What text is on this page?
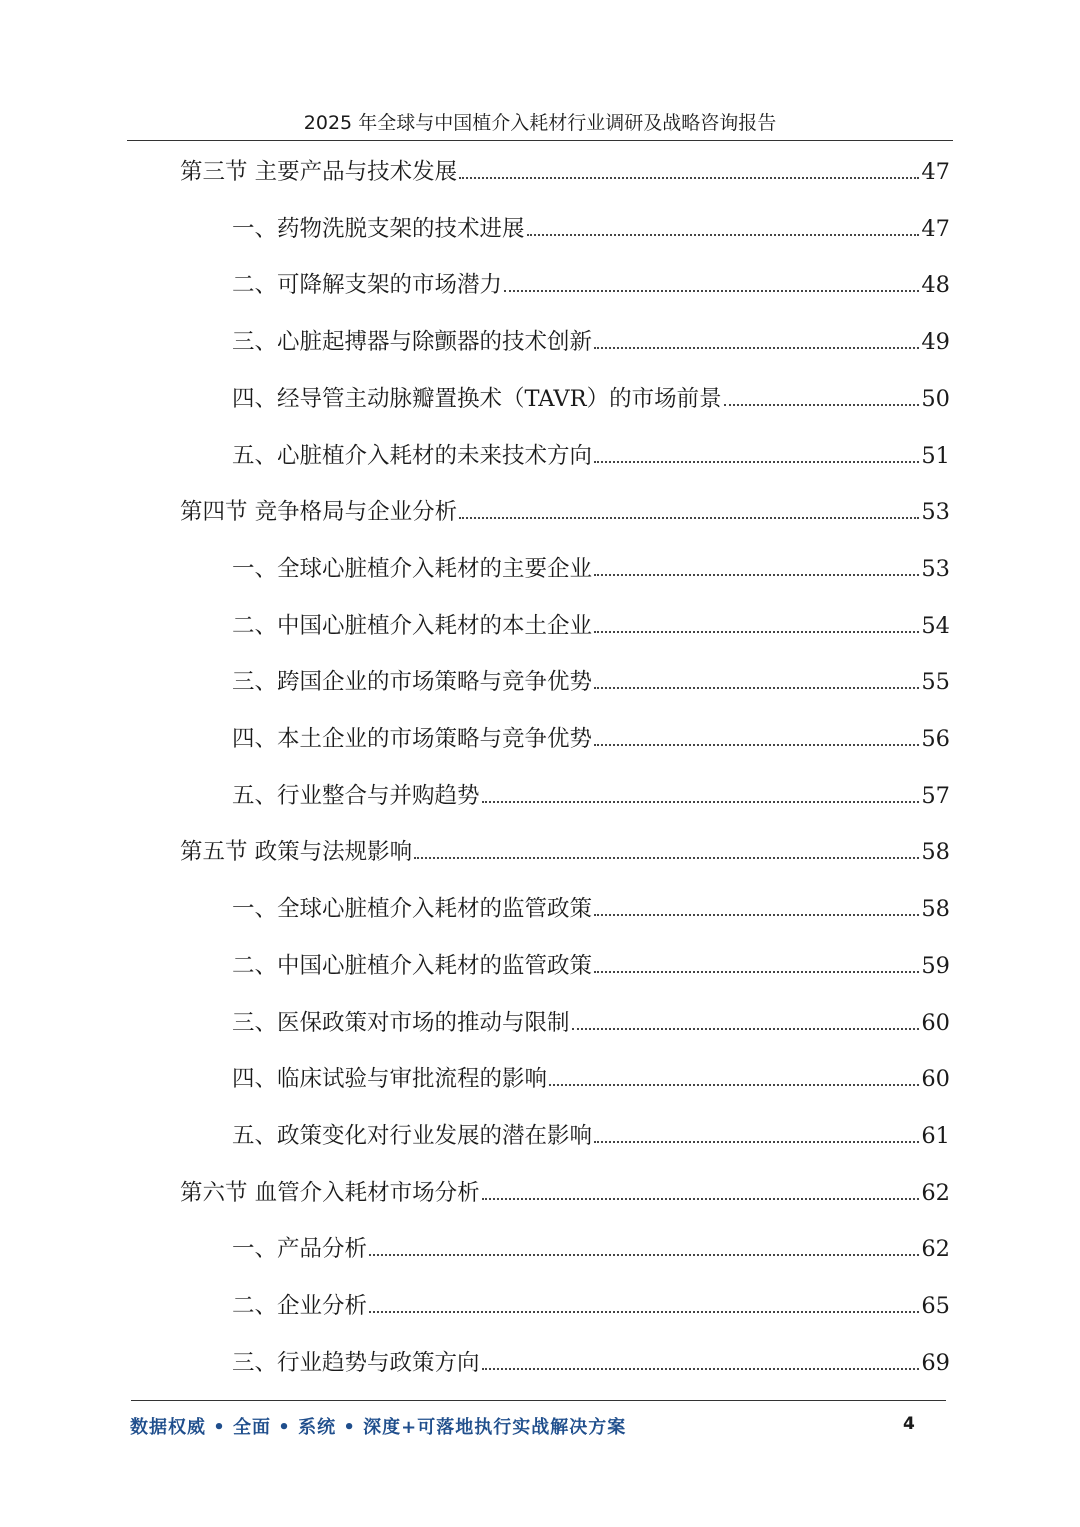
2025 年全球与中国植介入耗材行业调研及战略咨询报告
第三节 主要产品与技术发展	47
一、药物洗脱支架的技术进展	47
二、可降解支架的市场潜力	48
三、心脏起搏器与除颤器的技术创新	49
四、经导管主动脉瓣置换术（TAVR）的市场前景	50
五、心脏植介入耗材的未来技术方向	51
第四节 竞争格局与企业分析	53
一、全球心脏植介入耗材的主要企业	53
二、中国心脏植介入耗材的本土企业	54
三、跨国企业的市场策略与竞争优势	55
四、本土企业的市场策略与竞争优势	56
五、行业整合与并购趋势	57
第五节 政策与法规影响	58
一、全球心脏植介入耗材的监管政策	58
二、中国心脏植介入耗材的监管政策	59
三、医保政策对市场的推动与限制	60
四、临床试验与审批流程的影响	60
五、政策变化对行业发展的潜在影响	61
第六节 血管介入耗材市场分析	62
一、产品分析	62
二、企业分析	65
三、行业趋势与政策方向	69
数据权威 • 全面 • 系统 • 深度+可落地执行实战解决方案	4
